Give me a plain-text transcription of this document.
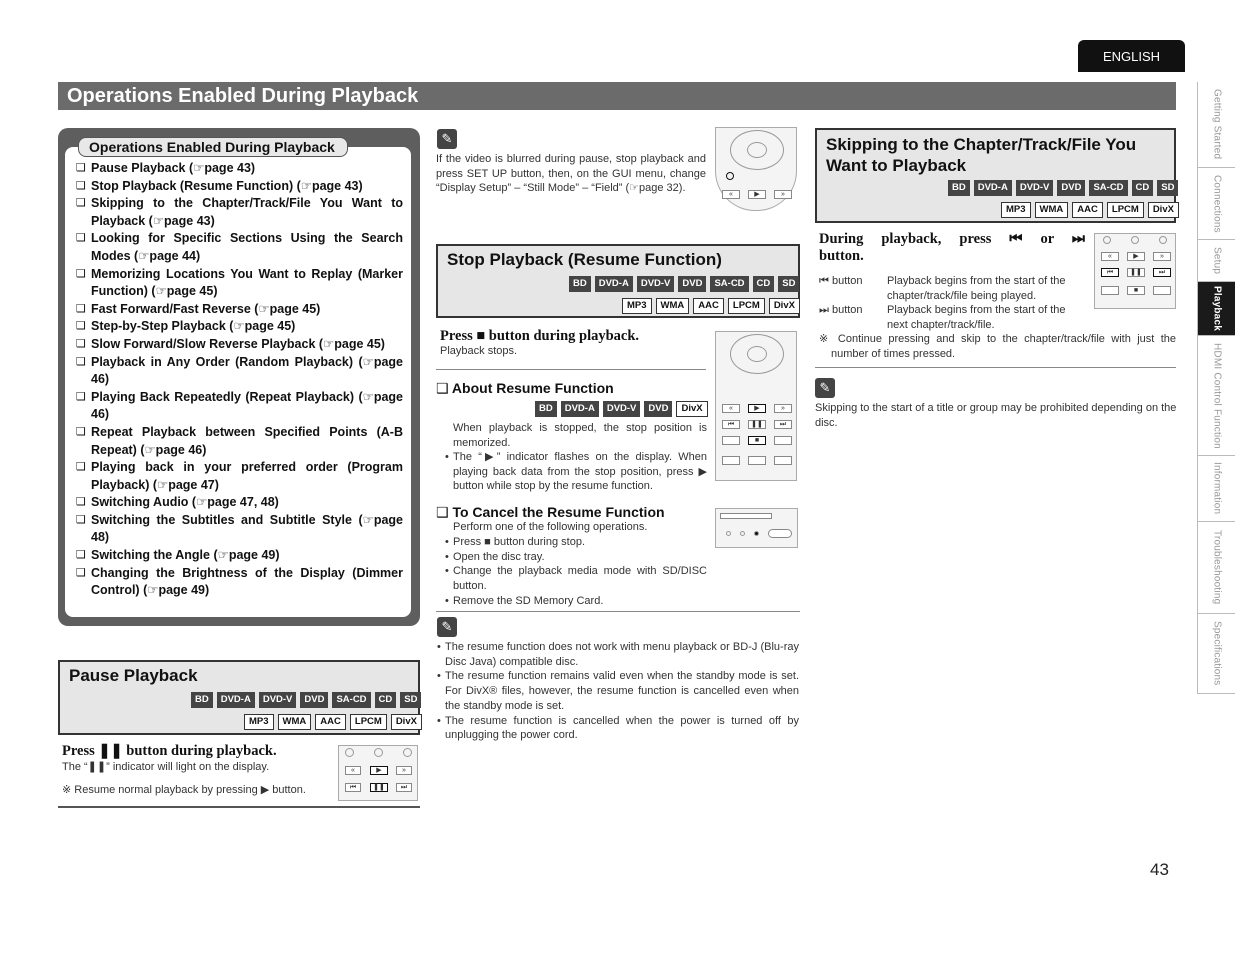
ENGLISH
Operations Enabled During Playback	Getting Started
Connections
Setup
Playback
HDMI Control Function
Information
Troubleshooting
Specifications
Operations Enabled During Playback
❑ Pause Playback (☞page 43)
❑ Stop Playback (Resume Function) (☞page 43)
❑ Skipping to the Chapter/Track/File You Want to Playback (☞page 43)
❑ Looking for Specific Sections Using the Search Modes (☞page 44)
❑ Memorizing Locations You Want to Replay (Marker Function) (☞page 45)
❑ Fast Forward/Fast Reverse (☞page 45)
❑ Step-by-Step Playback (☞page 45)
❑ Slow Forward/Slow Reverse Playback (☞page 45)
❑ Playback in Any Order (Random Playback) (☞page 46)
❑ Playing Back Repeatedly (Repeat Playback) (☞page 46)
❑ Repeat Playback between Specified Points (A-B Repeat) (☞page 46)
❑ Playing back in your preferred order (Program Playback) (☞page 47)
❑ Switching Audio (☞page 47, 48)
❑ Switching the Subtitles and Subtitle Style (☞page 48)
❑ Switching the Angle (☞page 49)
❑ Changing the Brightness of the Display (Dimmer Control) (☞page 49)
Pause Playback
BD	DVD-A	DVD-V	DVD	SA-CD	CD	SD
MP3	WMA	AAC	LPCM	DivX
Press ❚❚ button during playback.
The “❚❚” indicator will light on the display.
※ Resume normal playback by pressing ▶ button.
«	▶	»
⏮	❚❚	⏭
✎
If the video is blurred during pause, stop playback and press SET UP button, then, on the GUI menu, change “Display Setup” – “Still Mode” – “Field” (☞page 32).
«	▶	»
Stop Playback (Resume Function)
BD	DVD-A	DVD-V	DVD	SA-CD	CD	SD
MP3	WMA	AAC	LPCM	DivX
Press ■ button during playback.
Playback stops.
«	▶	»
⏮	❚❚	⏭
■
❑ About Resume Function
BD	DVD-A	DVD-V	DVD	DivX
When playback is stopped, the stop position is memorized.
• The “▶” indicator flashes on the display. When playing back data from the stop position, press ▶ button while stop by the resume function.
❑ To Cancel the Resume Function
Perform one of the following operations.
• Press ■ button during stop.
• Open the disc tray.
• Change the playback media mode with SD/DISC button.
• Remove the SD Memory Card.
✎
• The resume function does not work with menu playback or BD-J (Blu-ray Disc Java) compatible disc.
• The resume function remains valid even when the standby mode is set. For DivX® files, however, the resume function is cancelled even when the standby mode is set.
• The resume function is cancelled when the power is turned off by unplugging the power cord.
Skipping to the Chapter/Track/File You
Want to Playback
BD	DVD-A	DVD-V	DVD	SA-CD	CD	SD
MP3	WMA	AAC	LPCM	DivX
During playback, press ⏮ or ⏭
button.	«	▶	»
⏮	❚❚	⏭
■
⏮ button Playback begins from the start of the chapter/track/file being played.
⏭ button Playback begins from the start of the next chapter/track/file.
※ Continue pressing and skip to the chapter/track/file with just the number of times pressed.
✎
Skipping to the start of a title or group may be prohibited depending on the disc.
43
